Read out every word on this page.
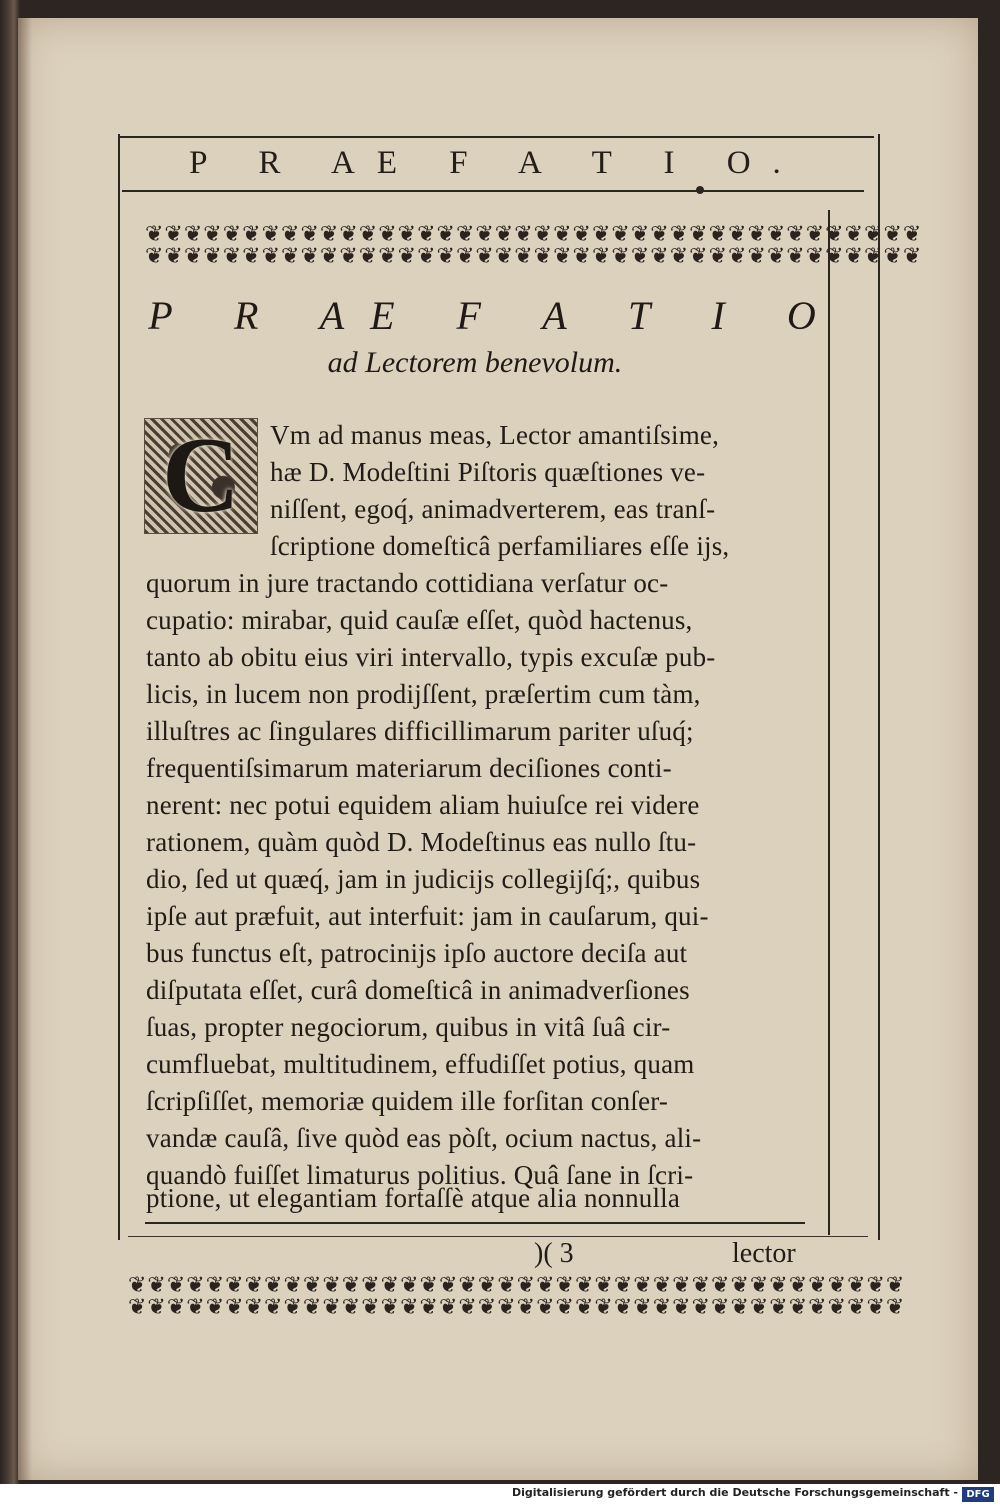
P R AE F A T I O.
❦❦❦❦❦❦❦❦❦❦❦❦❦❦❦❦❦❦❦❦❦❦❦❦❦❦❦❦❦❦❦❦❦❦❦❦❦❦❦❦
❦❦❦❦❦❦❦❦❦❦❦❦❦❦❦❦❦❦❦❦❦❦❦❦❦❦❦❦❦❦❦❦❦❦❦❦❦❦❦❦
P R AE F A T I O
ad Lectorem benevolum.
C	Vm ad manus meas, Lector amantiſsime,
hæ D. Modeſtini Piſtoris quæſtiones ve-
niſſent, egoq́, animadverterem, eas tranſ-
ſcriptione domeſticâ perfamiliares eſſe ijs,
quorum in jure tractando cottidiana verſatur oc-
cupatio: mirabar, quid cauſæ eſſet, quòd hactenus,
tanto ab obitu eius viri intervallo, typis excuſæ pub-
licis, in lucem non prodijſſent, præſertim cum tàm,
illuſtres ac ſingulares difficillimarum pariter uſuq́;
frequentiſsimarum materiarum deciſiones conti-
nerent: nec potui equidem aliam huiuſce rei videre
rationem, quàm quòd D. Modeſtinus eas nullo ſtu-
dio, ſed ut quæq́, jam in judicijs collegijſq́;, quibus
ipſe aut præfuit, aut interfuit: jam in cauſarum, qui-
bus functus eſt, patrocinijs ipſo auctore deciſa aut
diſputata eſſet, curâ domeſticâ in animadverſiones
ſuas, propter negociorum, quibus in vitâ ſuâ cir-
cumfluebat, multitudinem, effudiſſet potius, quam
ſcripſiſſet, memoriæ quidem ille forſitan conſer-
vandæ cauſâ, ſive quòd eas pòſt, ocium nactus, ali-
quandò fuiſſet limaturus politius. Quâ ſane in ſcri-
ptione, ut elegantiam fortaſſè atque alia nonnulla
)( 3	lector
❦❦❦❦❦❦❦❦❦❦❦❦❦❦❦❦❦❦❦❦❦❦❦❦❦❦❦❦❦❦❦❦❦❦❦❦❦❦❦❦
❦❦❦❦❦❦❦❦❦❦❦❦❦❦❦❦❦❦❦❦❦❦❦❦❦❦❦❦❦❦❦❦❦❦❦❦❦❦❦❦
Digitalisierung gefördert durch die Deutsche Forschungsgemeinschaft - DFG
